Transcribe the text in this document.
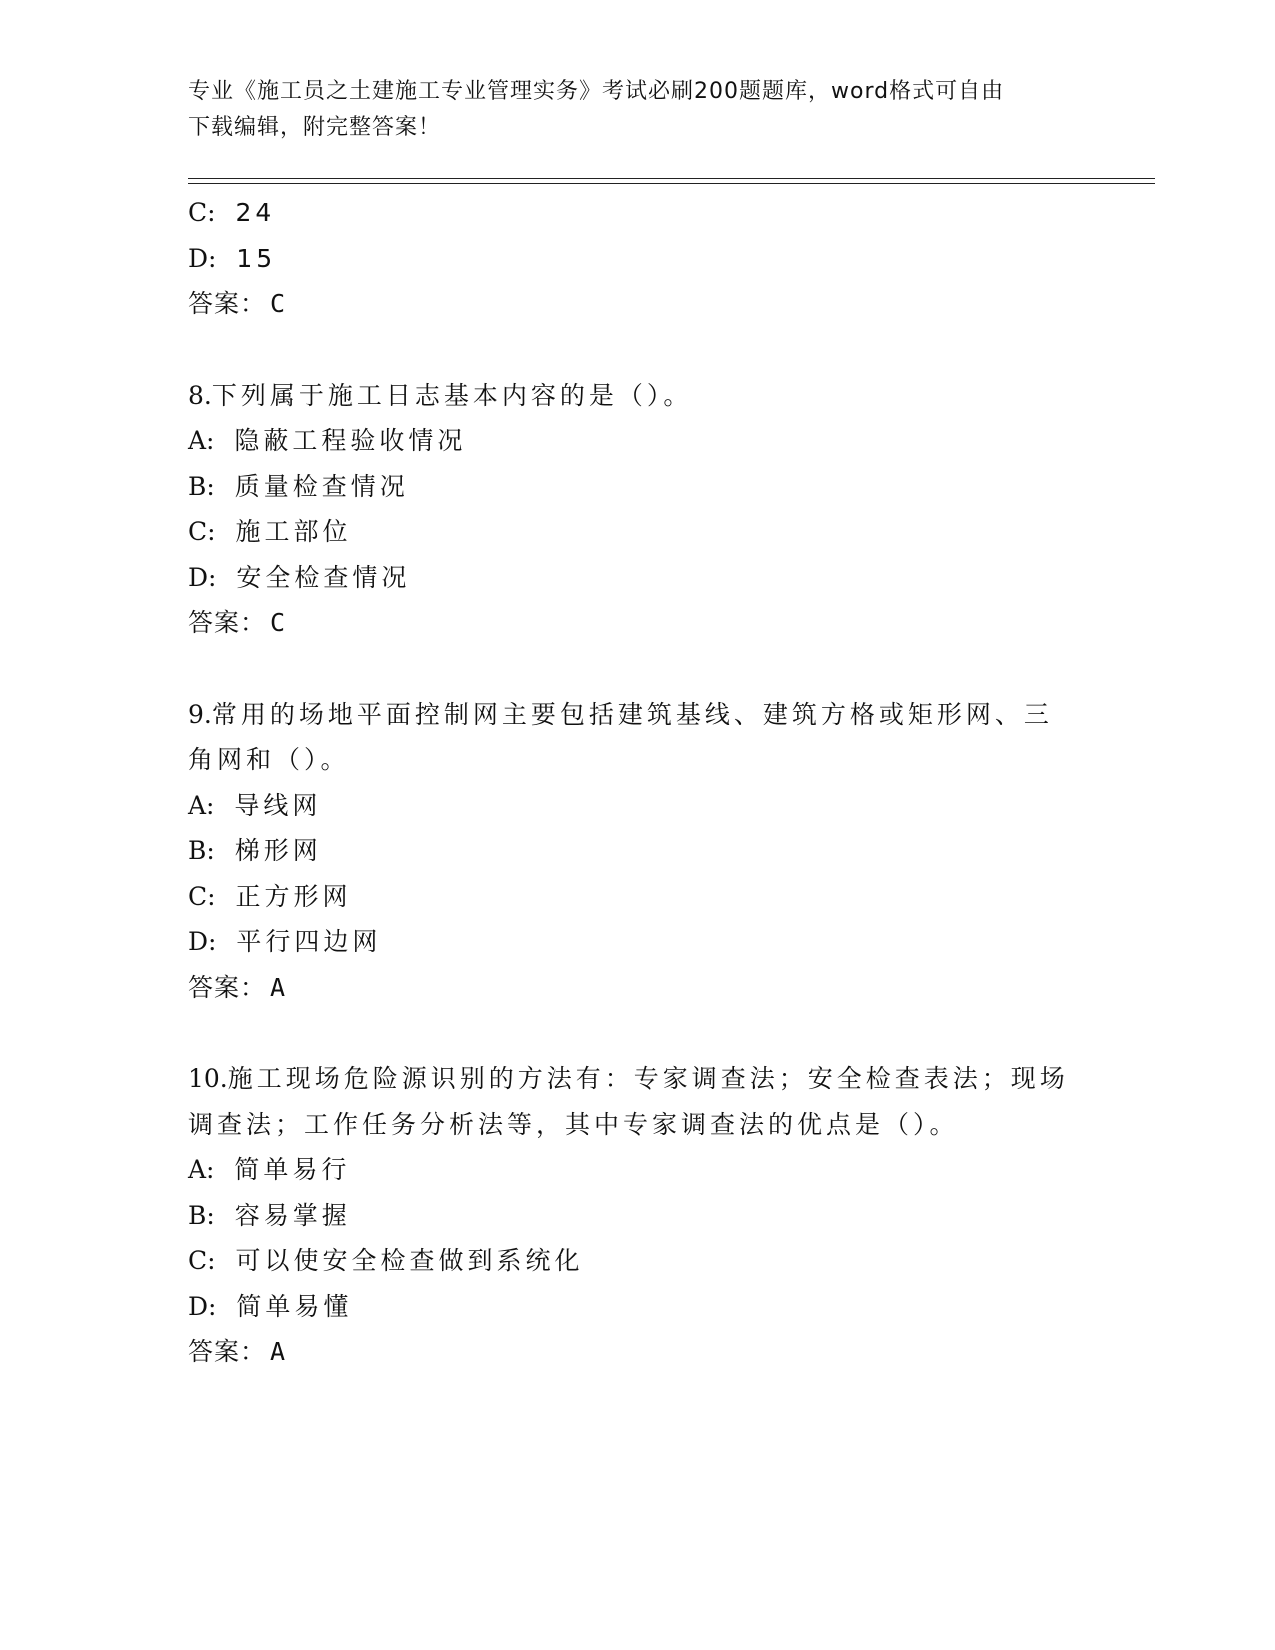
专业《施工员之土建施工专业管理实务》考试必刷200题题库，word格式可自由
下载编辑，附完整答案！
C:  24
D:  15
答案： C
8.下列属于施工日志基本内容的是（）。
A:  隐蔽工程验收情况
B:  质量检查情况
C:  施工部位
D:  安全检查情况
答案： C
9.常用的场地平面控制网主要包括建筑基线、建筑方格或矩形网、三
角网和（）。
A:  导线网
B:  梯形网
C:  正方形网
D:  平行四边网
答案： A
10.施工现场危险源识别的方法有：专家调查法；安全检查表法；现场
调查法；工作任务分析法等，其中专家调查法的优点是（）。
A:  简单易行
B:  容易掌握
C:  可以使安全检查做到系统化
D:  简单易懂
答案： A
